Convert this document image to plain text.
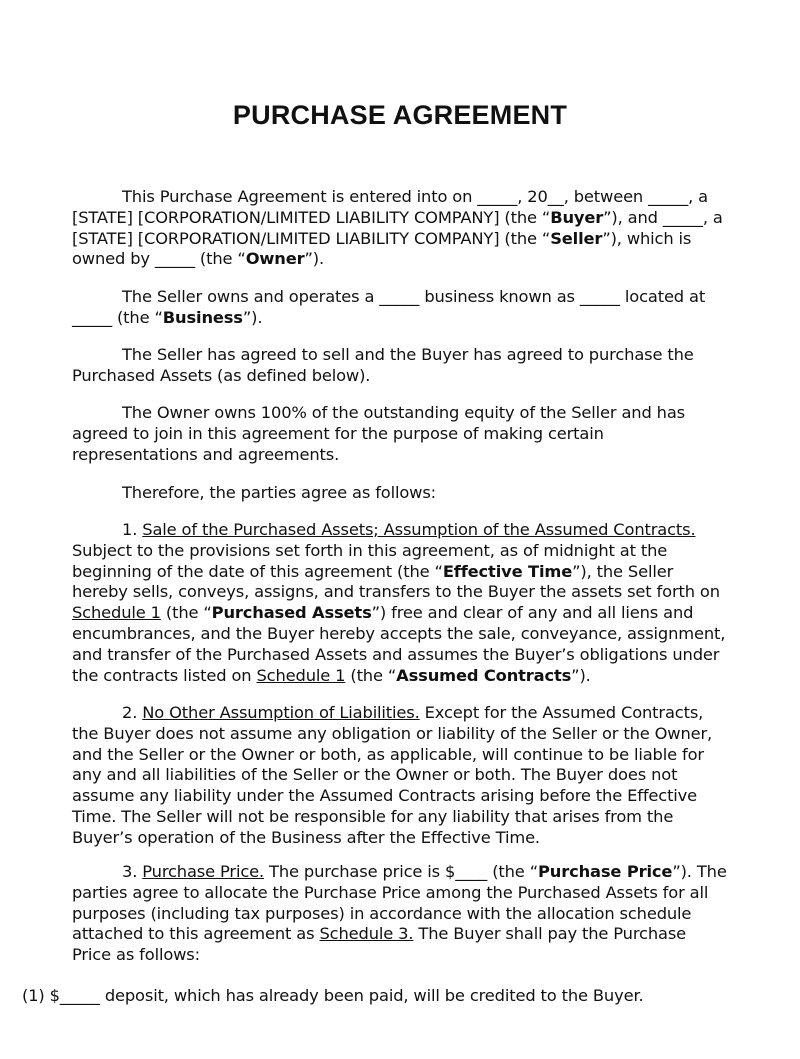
PURCHASE AGREEMENT

This Purchase Agreement is entered into on _____, 20__, between _____, a [STATE] [CORPORATION/LIMITED LIABILITY COMPANY] (the “Buyer”), and _____, a [STATE] [CORPORATION/LIMITED LIABILITY COMPANY] (the “Seller”), which is owned by _____ (the “Owner”).

The Seller owns and operates a _____ business known as _____ located at _____ (the “Business”).

The Seller has agreed to sell and the Buyer has agreed to purchase the Purchased Assets (as defined below).

The Owner owns 100% of the outstanding equity of the Seller and has agreed to join in this agreement for the purpose of making certain representations and agreements.

Therefore, the parties agree as follows:

1. Sale of the Purchased Assets; Assumption of the Assumed Contracts. Subject to the provisions set forth in this agreement, as of midnight at the beginning of the date of this agreement (the “Effective Time”), the Seller hereby sells, conveys, assigns, and transfers to the Buyer the assets set forth on Schedule 1 (the “Purchased Assets”) free and clear of any and all liens and encumbrances, and the Buyer hereby accepts the sale, conveyance, assignment, and transfer of the Purchased Assets and assumes the Buyer’s obligations under the contracts listed on Schedule 1 (the “Assumed Contracts”).

2. No Other Assumption of Liabilities. Except for the Assumed Contracts, the Buyer does not assume any obligation or liability of the Seller or the Owner, and the Seller or the Owner or both, as applicable, will continue to be liable for any and all liabilities of the Seller or the Owner or both. The Buyer does not assume any liability under the Assumed Contracts arising before the Effective Time. The Seller will not be responsible for any liability that arises from the Buyer’s operation of the Business after the Effective Time.

3. Purchase Price. The purchase price is $____ (the “Purchase Price”). The parties agree to allocate the Purchase Price among the Purchased Assets for all purposes (including tax purposes) in accordance with the allocation schedule attached to this agreement as Schedule 3. The Buyer shall pay the Purchase Price as follows:

(1) $_____ deposit, which has already been paid, will be credited to the Buyer.
